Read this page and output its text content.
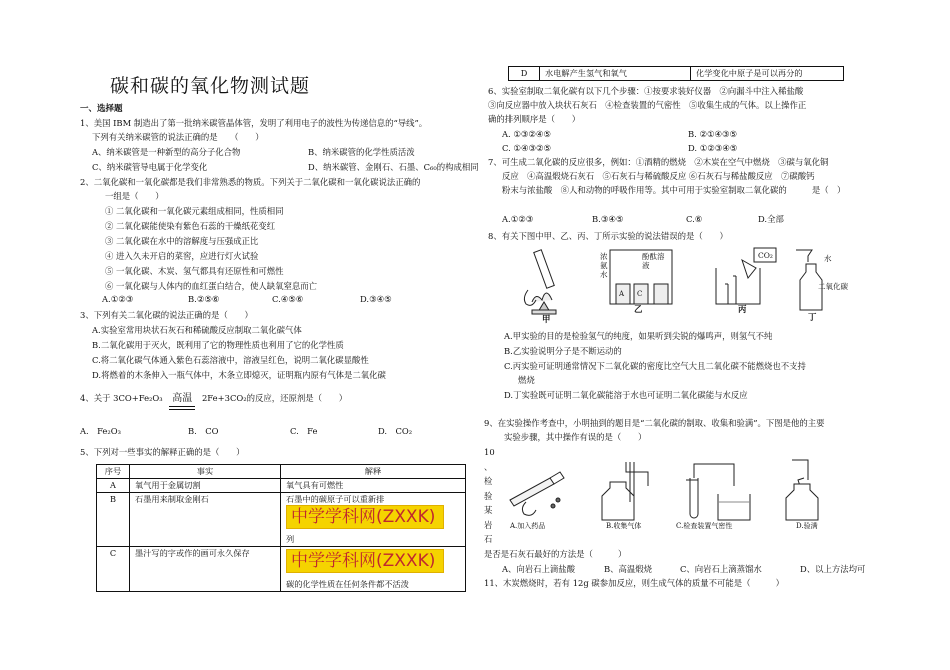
碳和碳的氧化物测试题
一、选择题
1、美国 IBM 制造出了第一批纳米碳管晶体管，发明了利用电子的波性为传递信息的“导线”。
下列有关纳米碳管的说法正确的是　　（　　）
A、纳米碳管是一种新型的高分子化合物	B、纳米碳管的化学性质活泼
C、纳米碳管导电属于化学变化	D、纳米碳管、金刚石、石墨、C₆₀的构成相同
2、二氧化碳和一氧化碳都是我们非常熟悉的物质。下列关于二氧化碳和一氧化碳说法正确的
一组是（　　）
① 二氧化碳和一氧化碳元素组成相同，性质相同
② 二氧化碳能使染有紫色石蕊的干燥纸花变红
③ 二氧化碳在水中的溶解度与压强成正比
④ 进入久未开启的菜窖，应进行灯火试验
⑤ 一氧化碳、木炭、氢气都具有还原性和可燃性
⑥ 一氧化碳与人体内的血红蛋白结合，使人缺氧窒息而亡
A.①②③	B.②⑤⑥	C.④⑤⑥	D.③④⑤
3、下列有关二氧化碳的说法正确的是（　　）
A.实验室常用块状石灰石和稀硫酸反应制取二氧化碳气体
B.二氧化碳用于灭火，既利用了它的物理性质也利用了它的化学性质
C.将二氧化碳气体通入紫色石蕊溶液中，溶液呈红色，说明二氧化碳显酸性
D.将燃着的木条伸入一瓶气体中，木条立即熄灭，证明瓶内原有气体是二氧化碳
4、关于 3CO+Fe₂O₃ 高温 2Fe+3CO₂的反应，还原剂是（　　）
A.　Fe₂O₃	B.　CO	C.　Fe	D.　CO₂
5、下列对一些事实的解释正确的是（　　）
序号	事实	解释
A	氧气用于金属切割	氧气具有可燃性
B	石墨用来制取金刚石	石墨中的碳原子可以重新排
中学学科网(ZXXK)
列

C	墨汁写的字或作的画可永久保存	中学学科网(ZXXK)
碳的化学性质在任何条件都不活泼
D	水电解产生氢气和氧气	化学变化中原子是可以再分的
6、实验室制取二氧化碳有以下几个步骤：①按要求装好仪器　②向漏斗中注入稀盐酸
③向反应器中放入块状石灰石　④检查装置的气密性　⑤收集生成的气体。以上操作正
确的排列顺序是（　　）
A. ①③②④⑤	B. ②①④③⑤
C. ①④③②⑤	D. ①②③④⑤
7、可生成二氧化碳的反应很多，例如：①酒精的燃烧　②木炭在空气中燃烧　③碳与氧化铜
反应　④高温煅烧石灰石　⑤石灰石与稀硫酸反应 ⑥石灰石与稀盐酸反应　⑦碳酸钙
粉末与浓盐酸　⑧人和动物的呼吸作用等。其中可用于实验室制取二氧化碳的　　　是（　）
A.①②③	B.③④⑤	C.⑥	D.全部
8、有关下图中甲、乙、丙、丁所示实验的说法错误的是（　　）
甲
浓氨水
酚酞溶液
A C
乙
CO₂
丙
水
二氧化碳
丁
A.甲实验的目的是检验氢气的纯度，如果听到尖锐的爆鸣声，则氢气不纯
B.乙实验说明分子是不断运动的
C.丙实验可证明通常情况下二氧化碳的密度比空气大且二氧化碳不能燃烧也不支持
燃烧
D.丁实验既可证明二氧化碳能溶于水也可证明二氧化碳能与水反应
9、在实验操作考查中，小明抽到的题目是“二氧化碳的制取、收集和验满”。下图是他的主要
实验步骤，其中操作有误的是（　　）
10
、
检
验
某
岩
石
A.加入药品	B.收集气体	C.检查装置气密性	D.验满
是否是石灰石最好的方法是（　　　）
A、向岩石上滴盐酸	B、高温煅烧	C、向岩石上滴蒸馏水	D、以上方法均可
11、木炭燃烧时，若有 12g 碳参加反应，则生成气体的质量不可能是（　　　）
